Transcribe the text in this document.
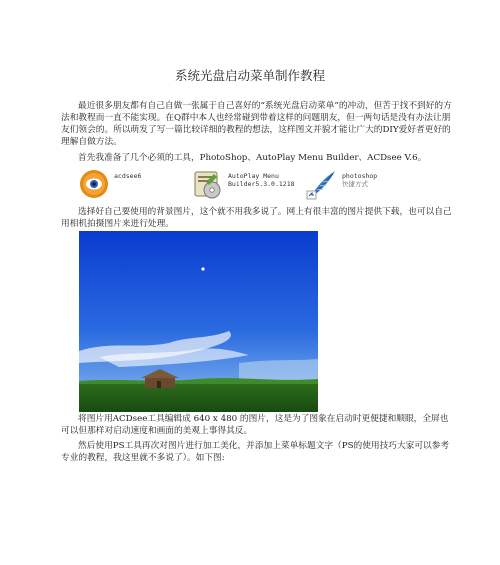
系统光盘启动菜单制作教程
最近很多朋友都有自己自做一张属于自己喜好的“系统光盘启动菜单”的冲动，但苦于找不到好的方法和教程而一直不能实现。在Q群中本人也经常碰到带着这样的问题朋友，但一两句话是没有办法让朋友们领会的。所以萌发了写一篇比较详细的教程的想法，这样图文并貌才能让广大的DIY爱好者更好的理解自做方法。
首先我准备了几个必须的工具，PhotoShop、AutoPlay Menu Builder、ACDsee V.6。
acdsee6	AutoPlay Menu
Builder5.3.0.1218
photoshop
快捷方式
选择好自己要使用的背景图片，这个就不用我多说了。网上有很丰富的图片提供下载，也可以自己用相机拍摄图片来进行处理。
将图片用ACDsee工具编辑成 640 x 480 的图片，这是为了图象在启动时更便捷和顺眼，全屏也可以但那样对启动速度和画面的美观上事得其反。
然后使用PS工具再次对图片进行加工美化，并添加上菜单标题文字（PS的使用技巧大家可以参考专业的教程，我这里就不多说了）。如下图:
